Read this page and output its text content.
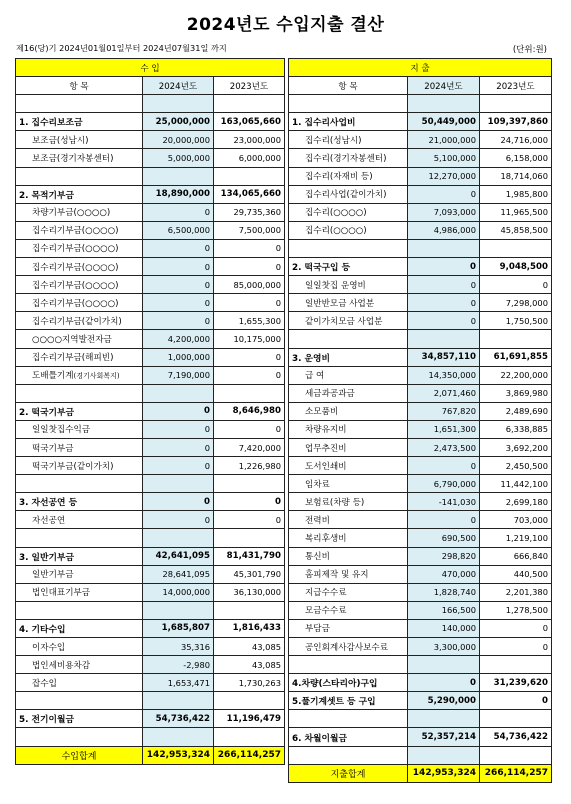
2024년도 수입지출 결산
제16(당)기 2024년01월01일부터 2024년07월31일 까지	(단위:원)
수 입		
항 목	2024년도	2023년도

1. 집수리보조금	25,000,000	163,065,660
보조금(성남시)	20,000,000	23,000,000
보조금(경기자봉센터)	5,000,000	6,000,000

2. 목적기부금	18,890,000	134,065,660
차량기부금(○○○○)	0	29,735,360
집수리기부금(○○○○)	6,500,000	7,500,000
집수리기부금(○○○○)	0	0
집수리기부금(○○○○)	0	0
집수리기부금(○○○○)	0	85,000,000
집수리기부금(○○○○)	0	0
집수리기부금(같이가치)	0	1,655,300
○○○○지역발전자금	4,200,000	10,175,000
집수리기부금(해피빈)	1,000,000	0
도배틀기계(경기사회복지)	7,190,000	0

2. 떡국기부금	0	8,646,980
일일찻집수익금	0	0
떡국기부금	0	7,420,000
떡국기부금(같이가치)	0	1,226,980

3. 자선공연 등	0	0
자선공연	0	0

3. 일반기부금	42,641,095	81,431,790
일반기부금	28,641,095	45,301,790
법인대표기부금	14,000,000	36,130,000

4. 기타수입	1,685,807	1,816,433
이자수입	35,316	43,085
법인세비용차감	-2,980	43,085
잡수입	1,653,471	1,730,263

5. 전기이월금	54,736,422	11,196,479

수입합계	142,953,324	266,114,257
지 출		
항 목	2024년도	2023년도

1. 집수리사업비	50,449,000	109,397,860
집수리(성남시)	21,000,000	24,716,000
집수리(경기자봉센터)	5,100,000	6,158,000
집수리(자재비 등)	12,270,000	18,714,060
집수리사업(같이가치)	0	1,985,800
집수리(○○○○)	7,093,000	11,965,500
집수리(○○○○)	4,986,000	45,858,500

2. 떡국구입 등	0	9,048,500
일일찻집 운영비	0	0
일반반모금 사업분	0	7,298,000
같이가치모금 사업분	0	1,750,500

3. 운영비	34,857,110	61,691,855
급 여	14,350,000	22,200,000
세금과공과금	2,071,460	3,869,980
소모품비	767,820	2,489,690
차량유지비	1,651,300	6,338,885
업무추진비	2,473,500	3,692,200
도서인쇄비	0	2,450,500
임차료	6,790,000	11,442,100
보험료(차량 등)	-141,030	2,699,180
전력비	0	703,000
복리후생비	690,500	1,219,100
통신비	298,820	666,840
홈피제작 및 유지	470,000	440,500
지급수수료	1,828,740	2,201,380
모금수수료	166,500	1,278,500
부담금	140,000	0
공인회계사감사보수료	3,300,000	0

4.차량(스타리아)구입	0	31,239,620
5.풀기계셋트 등 구입	5,290,000	0

6. 차월이월금	52,357,214	54,736,422

지출합계	142,953,324	266,114,257
